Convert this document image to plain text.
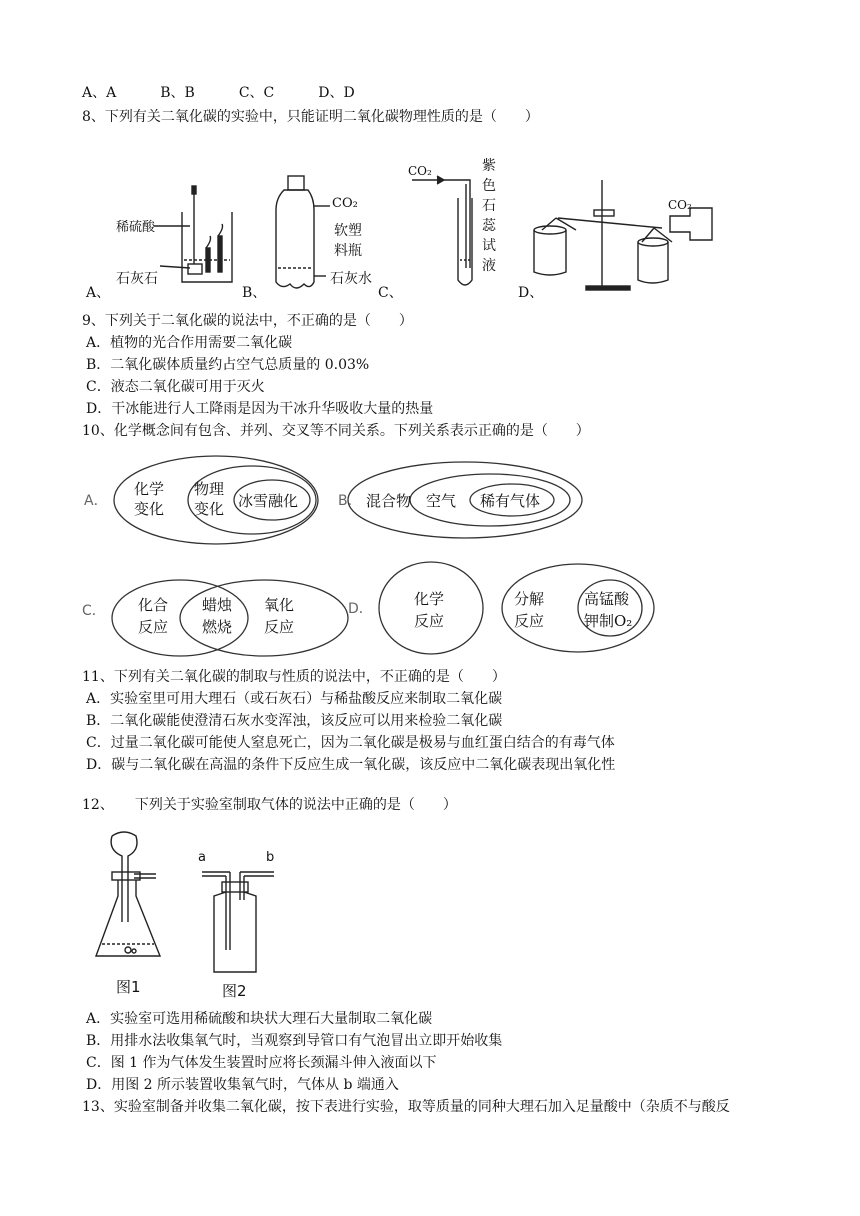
A、A	B、B	C、C	D、D
8、下列有关二氧化碳的实验中，只能证明二氧化碳物理性质的是（　　）
稀硫酸
石灰石
CO₂
软塑
料瓶
石灰水
CO₂	紫
色
石
蕊
试
液
CO₂
A、	B、	C、	D、
9、下列关于二氧化碳的说法中，不正确的是（　　）
A．植物的光合作用需要二氧化碳
B．二氧化碳体质量约占空气总质量的 0.03%
C．液态二氧化碳可用于灭火
D．干冰能进行人工降雨是因为干冰升华吸收大量的热量
10、化学概念间有包含、并列、交叉等不同关系。下列关系表示正确的是（　　）
A．
化学
变化
物理
变化 冰雪融化	B． 混合物 空气 稀有气体
C． 化合
反应
蜡烛
燃烧
氧化
反应
D．
化学
反应
分解
反应
高锰酸
钾制O₂
11、下列有关二氧化碳的制取与性质的说法中，不正确的是（　　）
A．实验室里可用大理石（或石灰石）与稀盐酸反应来制取二氧化碳
B．二氧化碳能使澄清石灰水变浑浊，该反应可以用来检验二氧化碳
C．过量二氧化碳可能使人窒息死亡，因为二氧化碳是极易与血红蛋白结合的有毒气体
D．碳与二氧化碳在高温的条件下反应生成一氧化碳，该反应中二氧化碳表现出氧化性
12、　　下列关于实验室制取气体的说法中正确的是（　　）
a	b
图1	图2
A．实验室可选用稀硫酸和块状大理石大量制取二氧化碳
B．用排水法收集氧气时，当观察到导管口有气泡冒出立即开始收集
C．图 1 作为气体发生装置时应将长颈漏斗伸入液面以下
D．用图 2 所示装置收集氧气时，气体从 b 端通入
13、实验室制备并收集二氧化碳，按下表进行实验，取等质量的同种大理石加入足量酸中（杂质不与酸反
